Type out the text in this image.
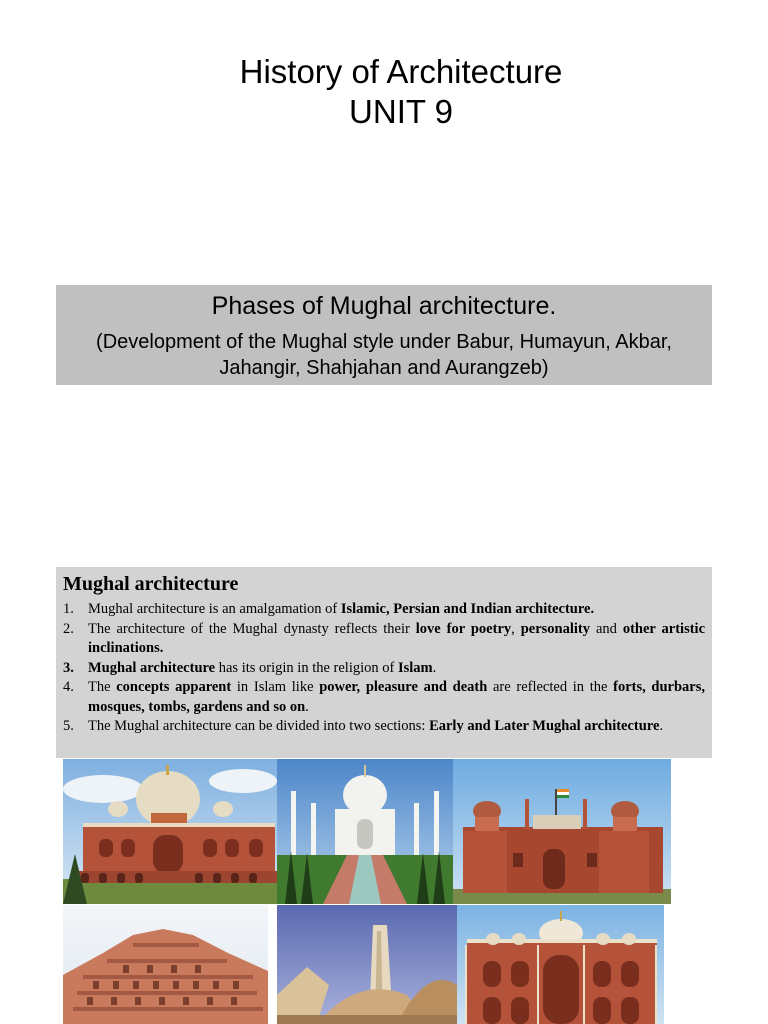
History of Architecture
UNIT 9
Phases of Mughal architecture.
(Development of the Mughal style under Babur, Humayun, Akbar,
Jahangir, Shahjahan and Aurangzeb)
Mughal architecture
1. Mughal architecture is an amalgamation of Islamic, Persian and Indian architecture.
2. The architecture of the Mughal dynasty reflects their love for poetry, personality and other artistic inclinations.
3. Mughal architecture has its origin in the religion of Islam.
4. The concepts apparent in Islam like power, pleasure and death are reflected in the forts, durbars, mosques, tombs, gardens and so on.
5. The Mughal architecture can be divided into two sections: Early and Later Mughal architecture.
